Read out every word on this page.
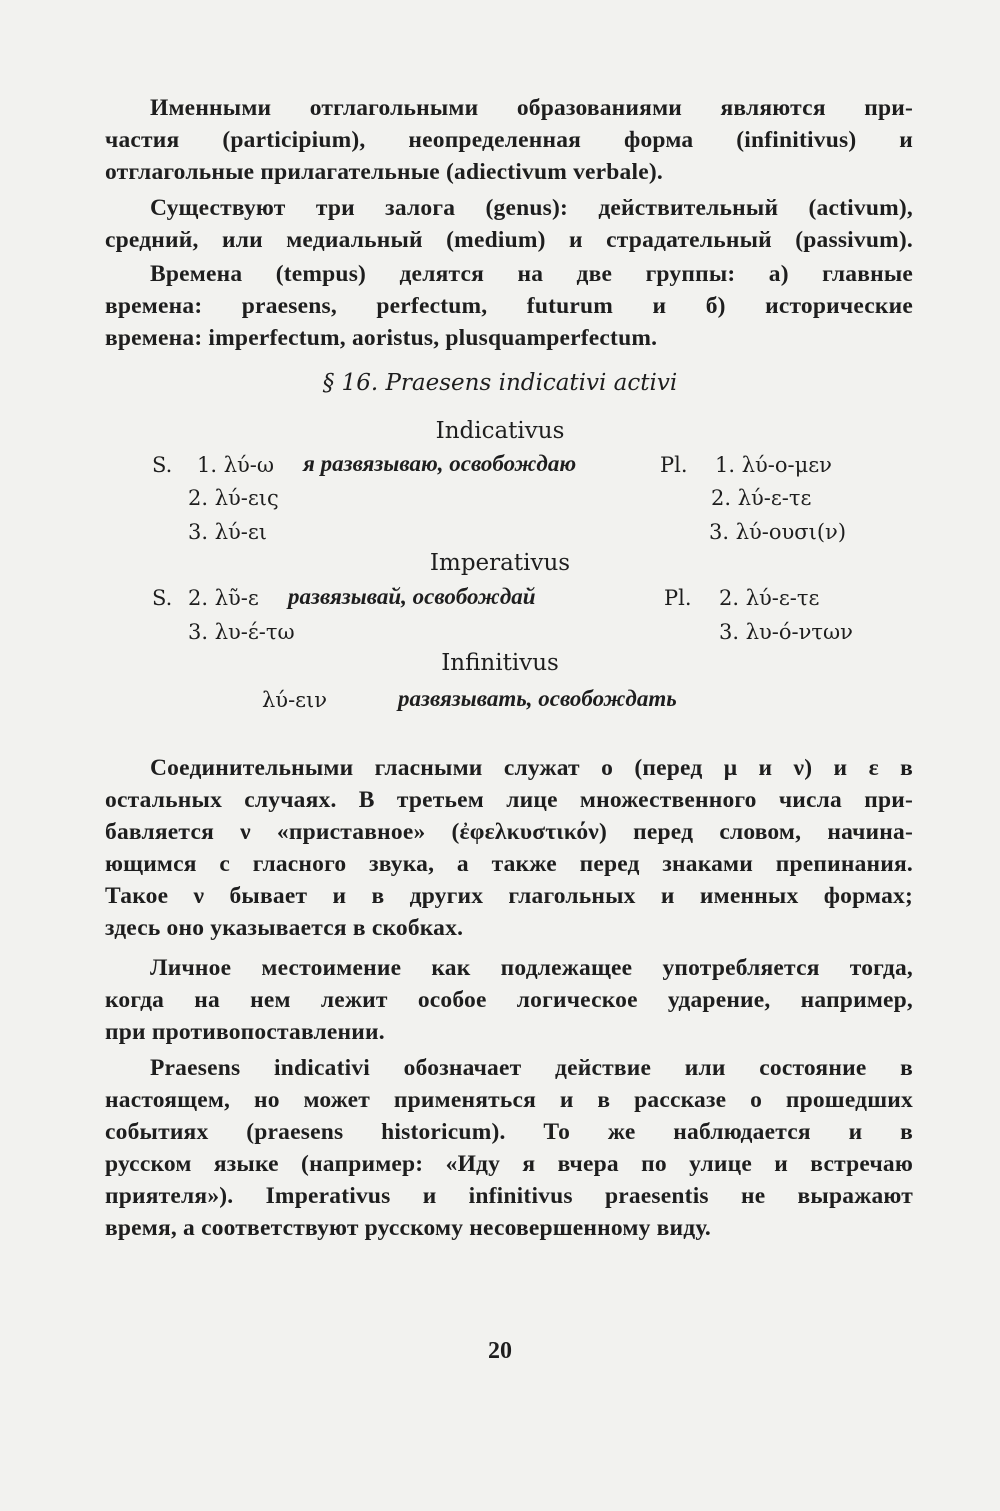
Именными отглагольными образованиями являются при-
частия (participium), неопределенная форма (infinitivus) и
отглагольные прилагательные (adiectivum verbale).
Существуют три залога (genus): действительный (activum),
средний, или медиальный (medium) и страдательный (passivum).
Времена (tempus) делятся на две группы: а) главные
времена: praesens, perfectum, futurum и б) исторические
времена: imperfectum, aoristus, plusquamperfectum.
§ 16. Praesens indicativi activi
Indicativus
S. 1. λύ-ω я развязываю, освобождаю	Pl. 1. λύ-ο-μεν
2. λύ-εις	2. λύ-ε-τε
3. λύ-ει	3. λύ-ουσι(ν)
Imperativus
S. 2. λῦ-ε развязывай, освобождай	Pl. 2. λύ-ε-τε
3. λυ-έ-τω	3. λυ-ό-ντων
Infinitivus
λύ-ειν	развязывать, освобождать
Соединительными гласными служат ο (перед μ и ν) и ε в
остальных случаях. В третьем лице множественного числа при-
бавляется ν «приставное» (ἐφελκυστικόν) перед словом, начина-
ющимся с гласного звука, а также перед знаками препинания.
Такое ν бывает и в других глагольных и именных формах;
здесь оно указывается в скобках.
Личное местоимение как подлежащее употребляется тогда,
когда на нем лежит особое логическое ударение, например,
при противопоставлении.
Praesens indicativi обозначает действие или состояние в
настоящем, но может применяться и в рассказе о прошедших
событиях (praesens historicum). То же наблюдается и в
русском языке (например: «Иду я вчера по улице и встречаю
приятеля»). Imperativus и infinitivus praesentis не выражают
время, а соответствуют русскому несовершенному виду.
20
